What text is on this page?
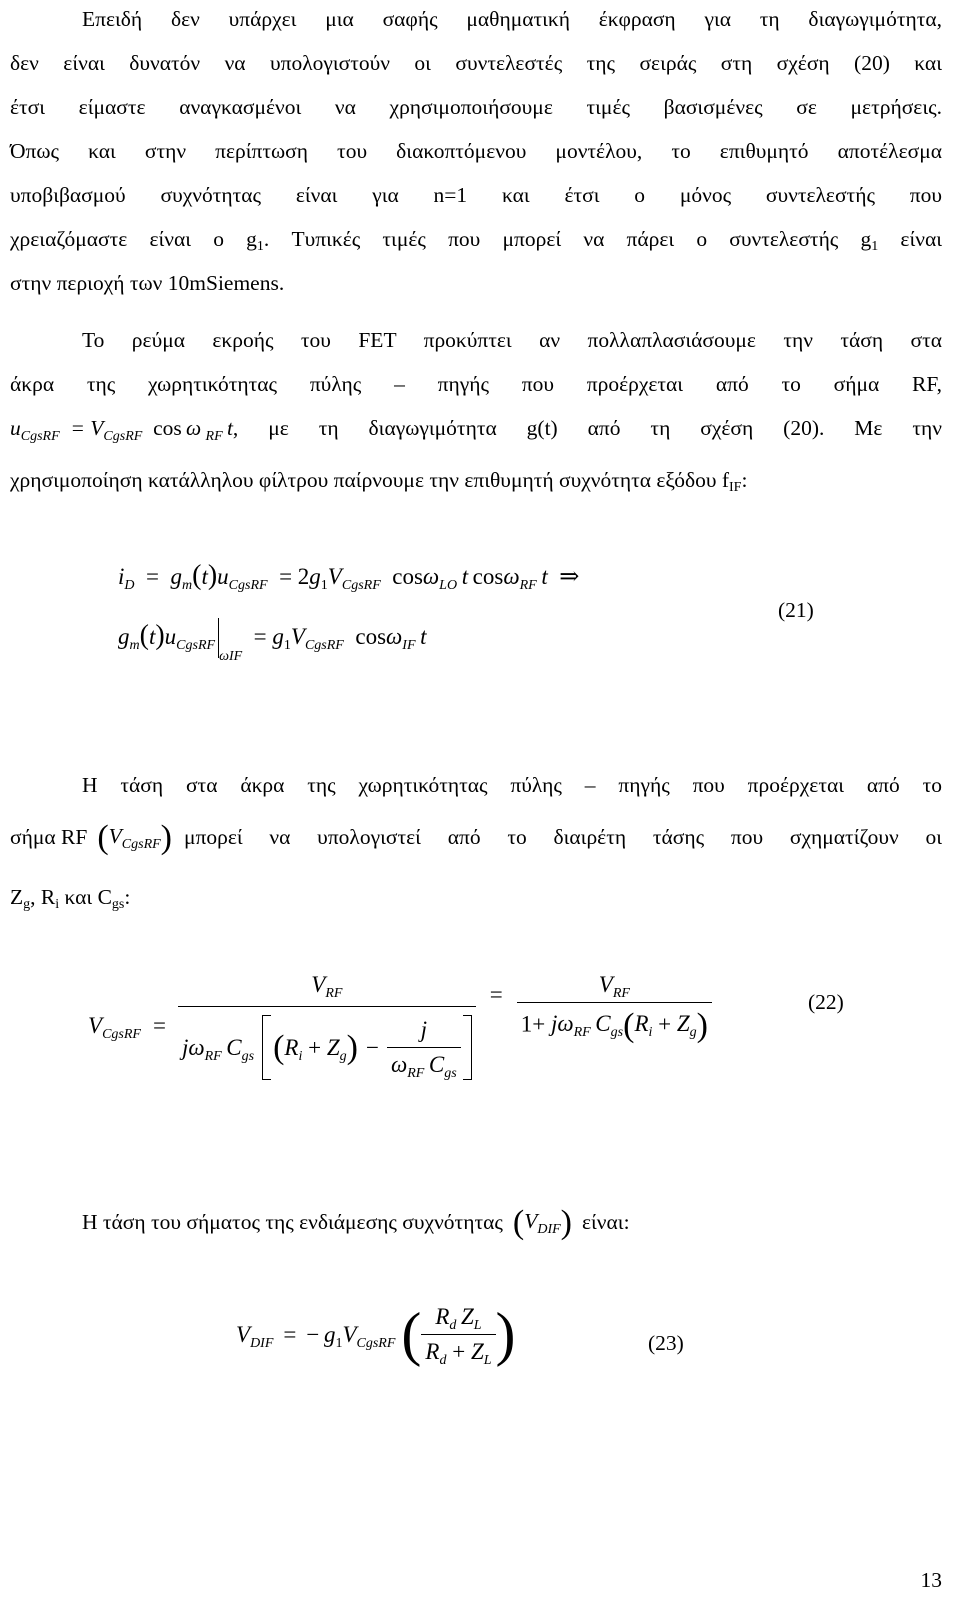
Επειδή δεν υπάρχει μια σαφής μαθηματική έκφραση για τη διαγωγιμότητα,
δεν είναι δυνατόν να υπολογιστούν οι συντελεστές της σειράς στη σχέση (20) και
έτσι είμαστε αναγκασμένοι να χρησιμοποιήσουμε τιμές βασισμένες σε μετρήσεις.
Όπως και στην περίπτωση του διακοπτόμενου μοντέλου, το επιθυμητό αποτέλεσμα
υποβιβασμού συχνότητας είναι για n=1 και έτσι ο μόνος συντελεστής που
χρειαζόμαστε είναι ο $g_1$. Τυπικές τιμές που μπορεί να πάρει ο συντελεστής $g_1$ είναι
στην περιοχή των 10mSiemens.
Το ρεύμα εκροής του FET προκύπτει αν πολλαπλασιάσουμε την τάση στα
άκρα της χωρητικότητας πύλης – πηγής που προέρχεται από το σήμα RF,
$u_{CgsRF} = V_{CgsRF}$ cos ω $_{RF}$ t , με τη διαγωγιμότητα g(t) από τη σχέση (20). Με την
χρησιμοποίηση κατάλληλου φίλτρου παίρνουμε την επιθυμητή συχνότητα εξόδου $f_{IF}$:
$i_D = g_m(t)u_{CgsRF} = 2g_1V_{CgsRF}$  cosω$_{LO}$  t cosω$_{RF}$  t ⇒
$g_m(t)u_{CgsRF\omega IF} = g_1V_{CgsRF}$  cosω$_{IF}$  t
(21)
Η τάση στα άκρα της χωρητικότητας πύλης – πηγής που προέρχεται από το
σήμα RF $(V_{CgsRF})$ μπορεί να υπολογιστεί από το διαιρέτη τάσης που σχηματίζουν οι
$Z_g$, $R_i$ και $C_{gs}$:
$V_{CgsRF}$ =
$V_{RF}$
$j\omega_{RF}$ $C_{gs}$ ( $R_i + Z_g$ ) − $\frac{j}{\omega_{RF} C_{gs}}$
= $\frac{V_{RF}}{1+ j\omega_{RF} C_{gs}(R_i + Z_g)}$	(22)
Η τάση του σήματος της ενδιάμεσης συχνότητας $(V_{DIF})$ είναι:
$V_{DIF}$ = − $g_1V_{CgsRF}$ ( $\frac{R_d Z_L}{R_d + Z_L}$ )	(23)
13
